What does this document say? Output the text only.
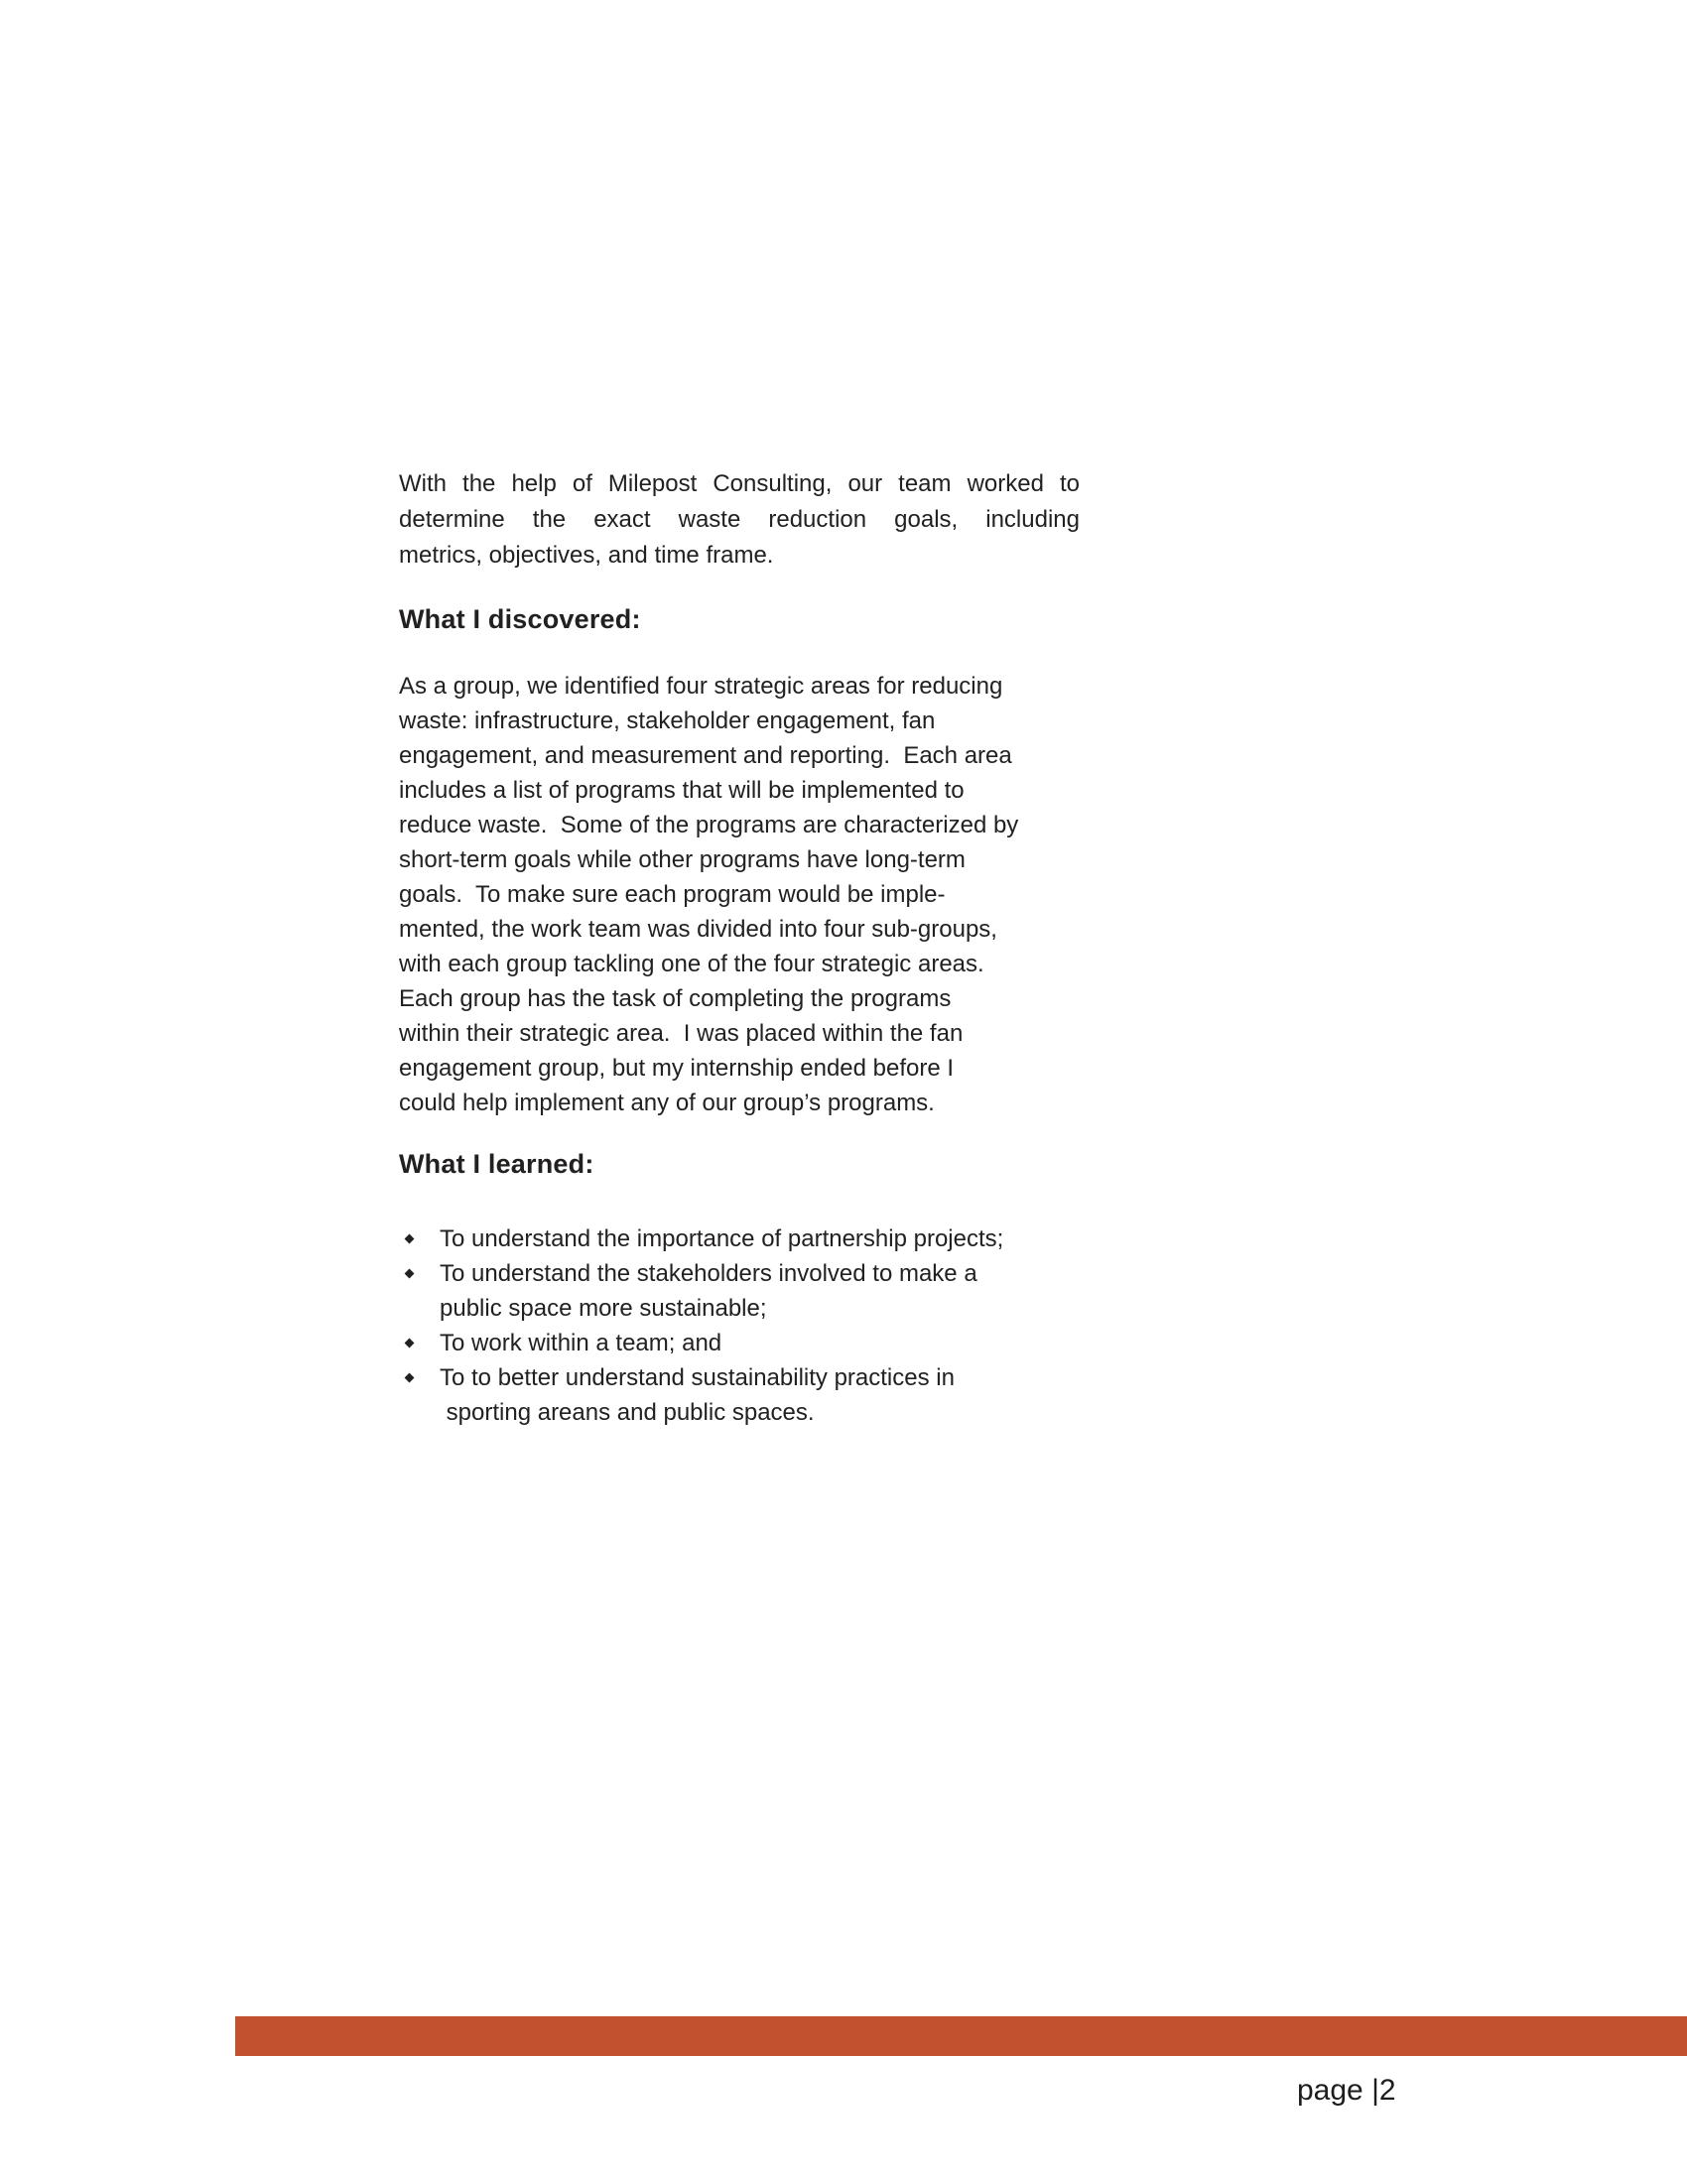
With the help of Milepost Consulting, our team worked to
determine the exact waste reduction goals, including
metrics, objectives, and time frame.
What I discovered:
As a group, we identified four strategic areas for reducing
waste: infrastructure, stakeholder engagement, fan
engagement, and measurement and reporting.  Each area
includes a list of programs that will be implemented to
reduce waste.  Some of the programs are characterized by
short-term goals while other programs have long-term
goals.  To make sure each program would be imple-
mented, the work team was divided into four sub-groups,
with each group tackling one of the four strategic areas.
Each group has the task of completing the programs
within their strategic area.  I was placed within the fan
engagement group, but my internship ended before I
could help implement any of our group’s programs.
What I learned:
To understand the importance of partnership projects;
To understand the stakeholders involved to make a
public space more sustainable;
To work within a team; and
To to better understand sustainability practices in
sporting areans and public spaces.
page |2
